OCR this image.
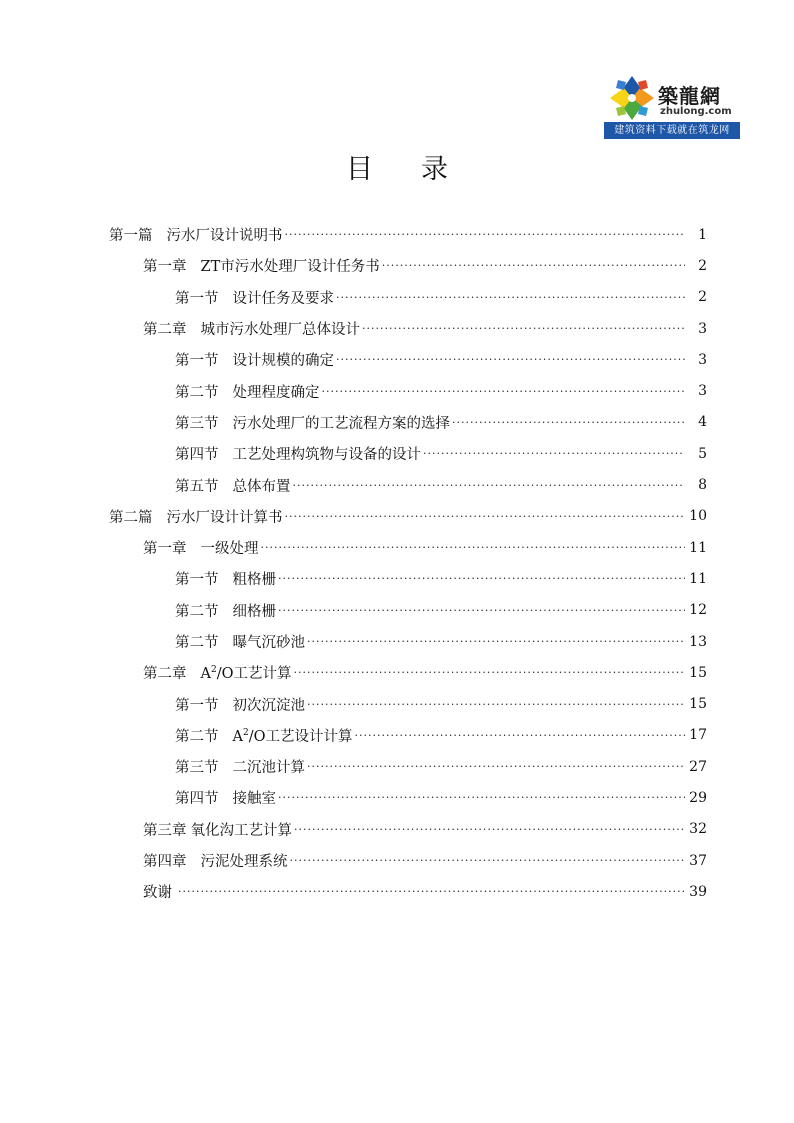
築龍網
zhulong.com
建筑资料下载就在筑龙网
目录
第一篇 污水厂设计说明书 ·····	1
第一章 ZT市污水处理厂设计任务书 ·····	2
第一节 设计任务及要求 ·····	2
第二章 城市污水处理厂总体设计 ·····	3
第一节 设计规模的确定 ·····	3
第二节 处理程度确定 ·····	3
第三节 污水处理厂的工艺流程方案的选择 ·····	4
第四节 工艺处理构筑物与设备的设计 ·····	5
第五节 总体布置 ·····	8
第二篇 污水厂设计计算书 ·····	10
第一章 一级处理 ·····	11
第一节 粗格栅 ·····	11
第二节 细格栅 ·····	12
第二节 曝气沉砂池 ·····	13
第二章 $A^2/O$工艺计算 ·····	15
第一节 初次沉淀池 ·····	15
第二节 $A^2/O$工艺设计计算 ·····	17
第三节 二沉池计算 ·····	27
第四节 接触室 ·····	29
第三章 氧化沟工艺计算 ·····	32
第四章 污泥处理系统 ·····	37
致谢 ·····	39
